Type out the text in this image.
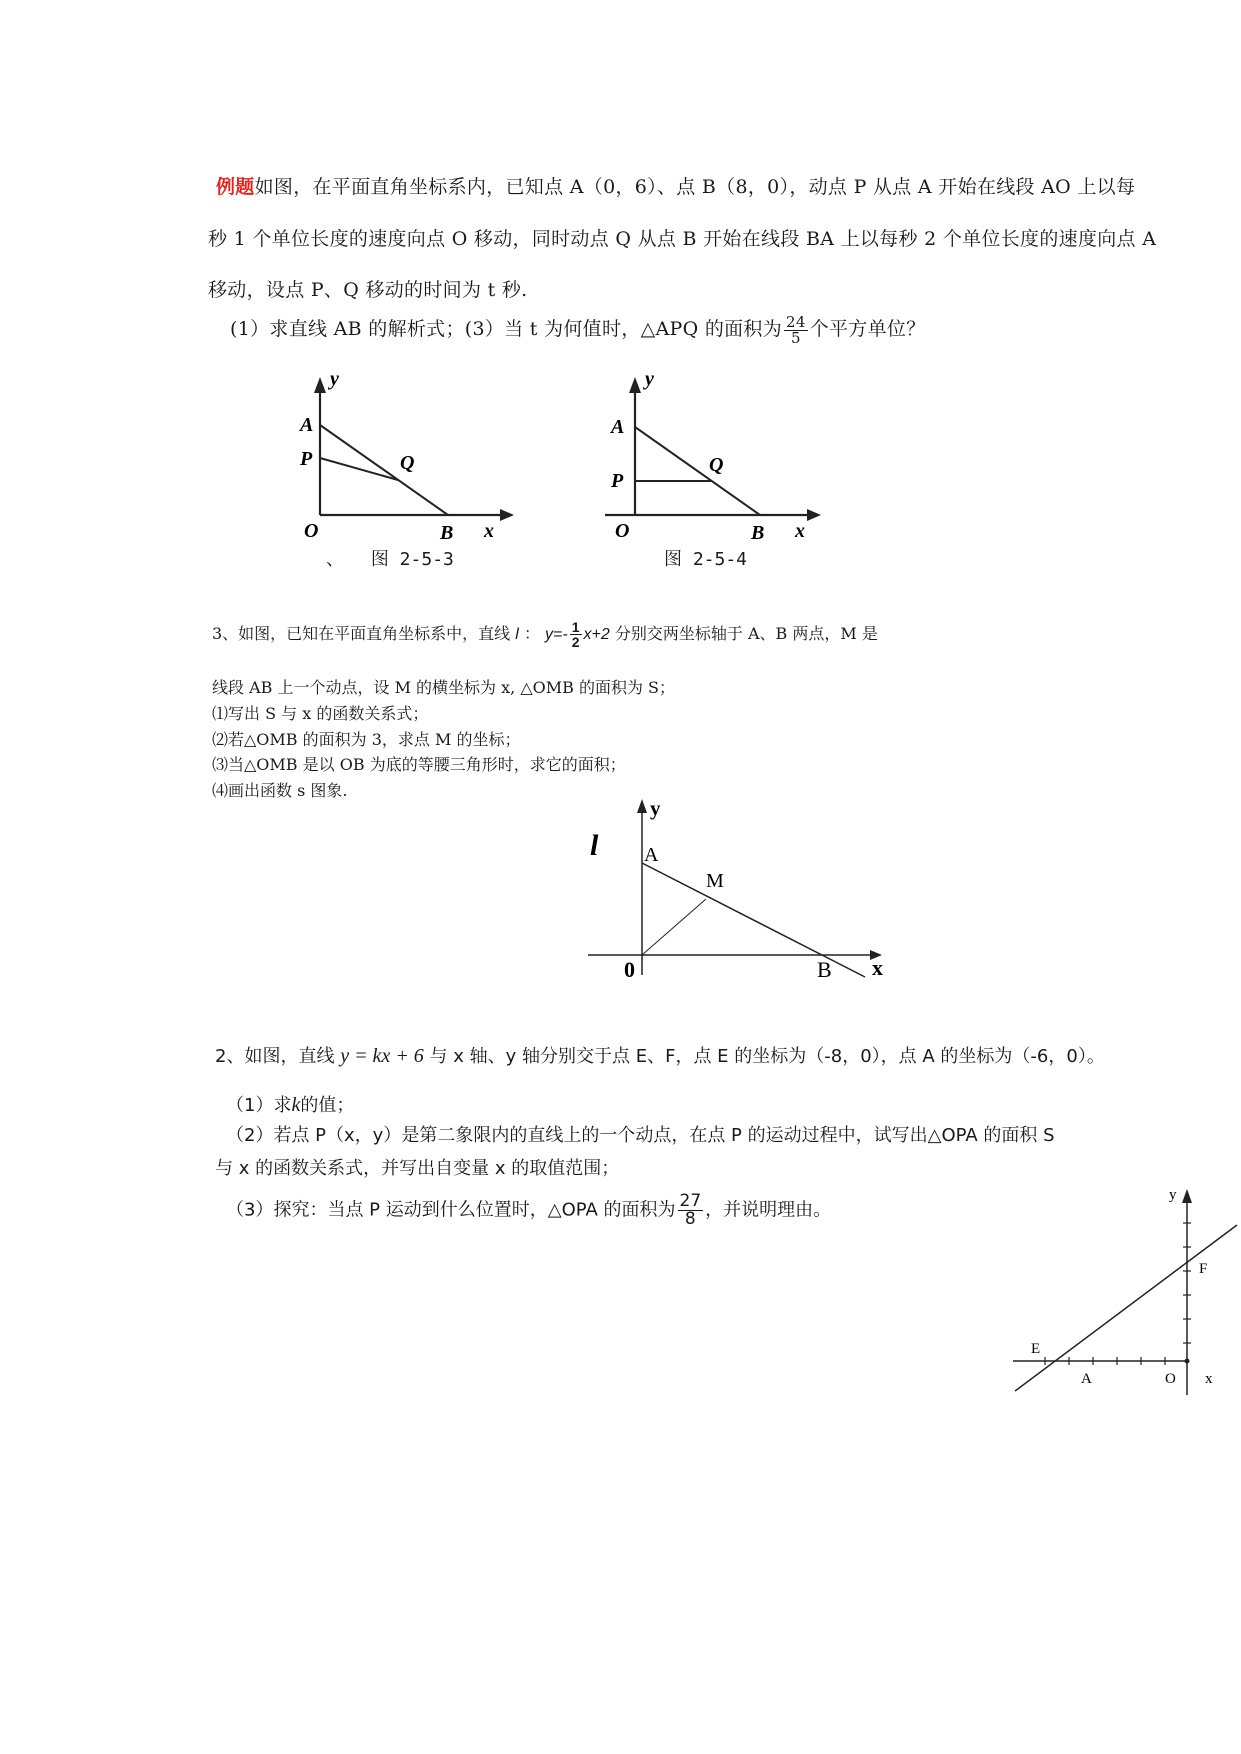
例题如图，在平面直角坐标系内，已知点 A（0，6）、点 B（8，0），动点 P 从点 A 开始在线段 AO 上以每
秒 1 个单位长度的速度向点 O 移动，同时动点 Q 从点 B 开始在线段 BA 上以每秒 2 个单位长度的速度向点 A
移动，设点 P、Q 移动的时间为 t 秒.
(1）求直线 AB 的解析式；(3）当 t 为何值时，△APQ 的面积为 $\frac{24}{5}$ 个平方单位？
y
A
P	Q
O	B x
、 图 2-5-3
y
A
P
Q
O	B x
图 2-5-4
3、如图，已知在平面直角坐标系中，直线 l ： $y=- \frac{1}{2} x+2$ 分别交两坐标轴于 A、B 两点，M 是
线段 AB 上一个动点，设 M 的横坐标为 x, △OMB 的面积为 S；
⑴写出 S 与 x 的函数关系式；
⑵若△OMB 的面积为 3，求点 M 的坐标；
⑶当△OMB 是以 OB 为底的等腰三角形时，求它的面积；
⑷画出函数 s 图象.
y
l A
M
0	B x
2、如图，直线 y = kx + 6 与 x 轴、y 轴分别交于点 E、F，点 E 的坐标为（-8，0），点 A 的坐标为（-6，0）。
（1）求k的值；
（2）若点 P（x，y）是第二象限内的直线上的一个动点，在点 P 的运动过程中，试写出△OPA 的面积 S
与 x 的函数关系式，并写出自变量 x 的取值范围；
（3）探究：当点 P 运动到什么位置时，△OPA 的面积为 $\frac{27}{8}$ ，并说明理由。
y
F
E
A	O x
